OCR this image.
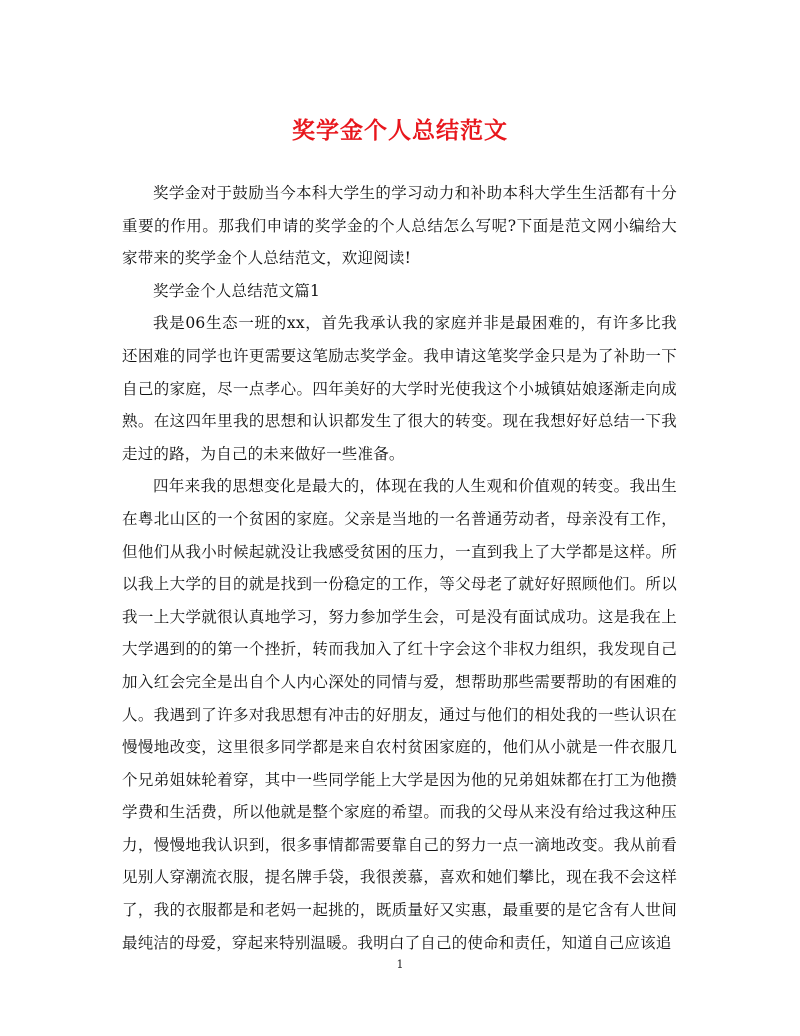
奖学金个人总结范文

奖学金对于鼓励当今本科大学生的学习动力和补助本科大学生生活都有十分重要的作用。那我们申请的奖学金的个人总结怎么写呢?下面是范文网小编给大家带来的奖学金个人总结范文，欢迎阅读!

奖学金个人总结范文篇1

我是06生态一班的xx，首先我承认我的家庭并非是最困难的，有许多比我还困难的同学也许更需要这笔励志奖学金。我申请这笔奖学金只是为了补助一下自己的家庭，尽一点孝心。四年美好的大学时光使我这个小城镇姑娘逐渐走向成熟。在这四年里我的思想和认识都发生了很大的转变。现在我想好好总结一下我走过的路，为自己的未来做好一些准备。

四年来我的思想变化是最大的，体现在我的人生观和价值观的转变。我出生在粤北山区的一个贫困的家庭。父亲是当地的一名普通劳动者，母亲没有工作，但他们从我小时候起就没让我感受贫困的压力，一直到我上了大学都是这样。所以我上大学的目的就是找到一份稳定的工作，等父母老了就好好照顾他们。所以我一上大学就很认真地学习，努力参加学生会，可是没有面试成功。这是我在上大学遇到的的第一个挫折，转而我加入了红十字会这个非权力组织，我发现自己加入红会完全是出自个人内心深处的同情与爱，想帮助那些需要帮助的有困难的人。我遇到了许多对我思想有冲击的好朋友，通过与他们的相处我的一些认识在慢慢地改变，这里很多同学都是来自农村贫困家庭的，他们从小就是一件衣服几个兄弟姐妹轮着穿，其中一些同学能上大学是因为他的兄弟姐妹都在打工为他攒学费和生活费，所以他就是整个家庭的希望。而我的父母从来没有给过我这种压力，慢慢地我认识到，很多事情都需要靠自己的努力一点一滴地改变。我从前看见别人穿潮流衣服，提名牌手袋，我很羡慕，喜欢和她们攀比，现在我不会这样了，我的衣服都是和老妈一起挑的，既质量好又实惠，最重要的是它含有人世间最纯洁的母爱，穿起来特别温暖。我明白了自己的使命和责任，知道自己应该追

1
